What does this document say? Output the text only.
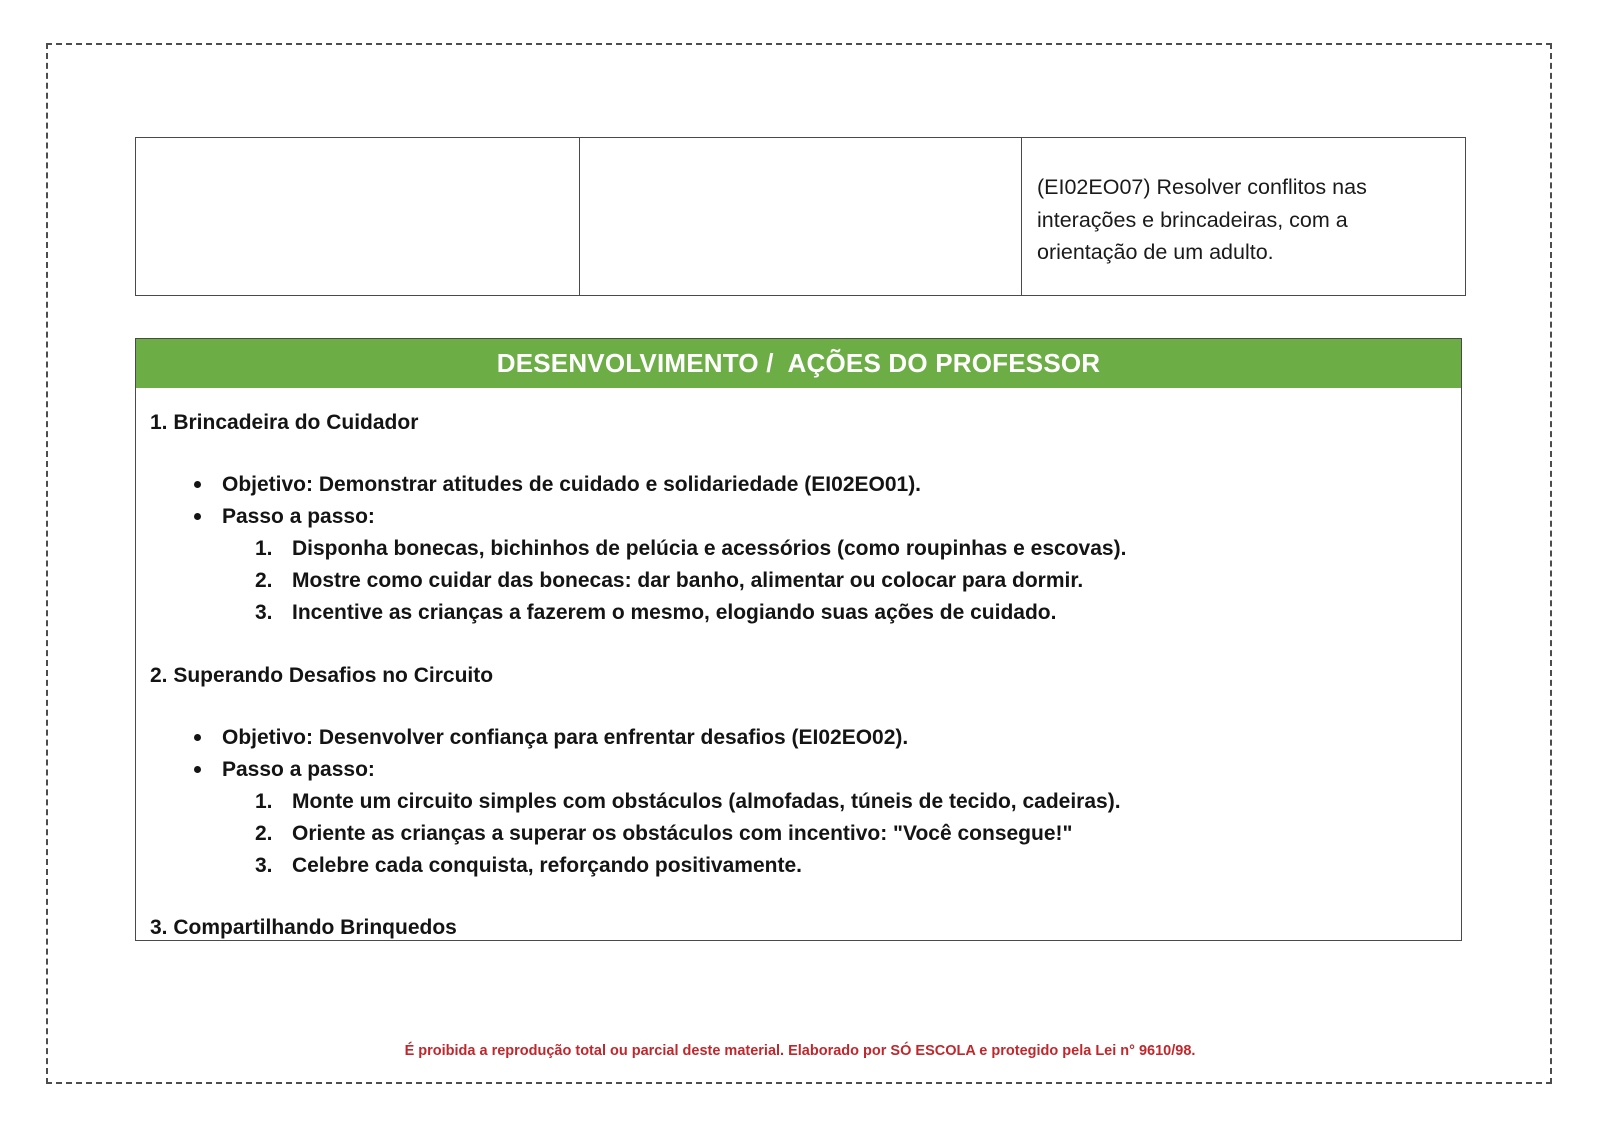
(EI02EO07) Resolver conflitos nas interações e brincadeiras, com a orientação de um adulto.
DESENVOLVIMENTO /  AÇÕES DO PROFESSOR
1. Brincadeira do Cuidador
Objetivo: Demonstrar atitudes de cuidado e solidariedade (EI02EO01).
Passo a passo:
1. Disponha bonecas, bichinhos de pelúcia e acessórios (como roupinhas e escovas).
2. Mostre como cuidar das bonecas: dar banho, alimentar ou colocar para dormir.
3. Incentive as crianças a fazerem o mesmo, elogiando suas ações de cuidado.
2. Superando Desafios no Circuito
Objetivo: Desenvolver confiança para enfrentar desafios (EI02EO02).
Passo a passo:
1. Monte um circuito simples com obstáculos (almofadas, túneis de tecido, cadeiras).
2. Oriente as crianças a superar os obstáculos com incentivo: "Você consegue!"
3. Celebre cada conquista, reforçando positivamente.
3. Compartilhando Brinquedos
É proibida a reprodução total ou parcial deste material. Elaborado por SÓ ESCOLA e protegido pela Lei n° 9610/98.
